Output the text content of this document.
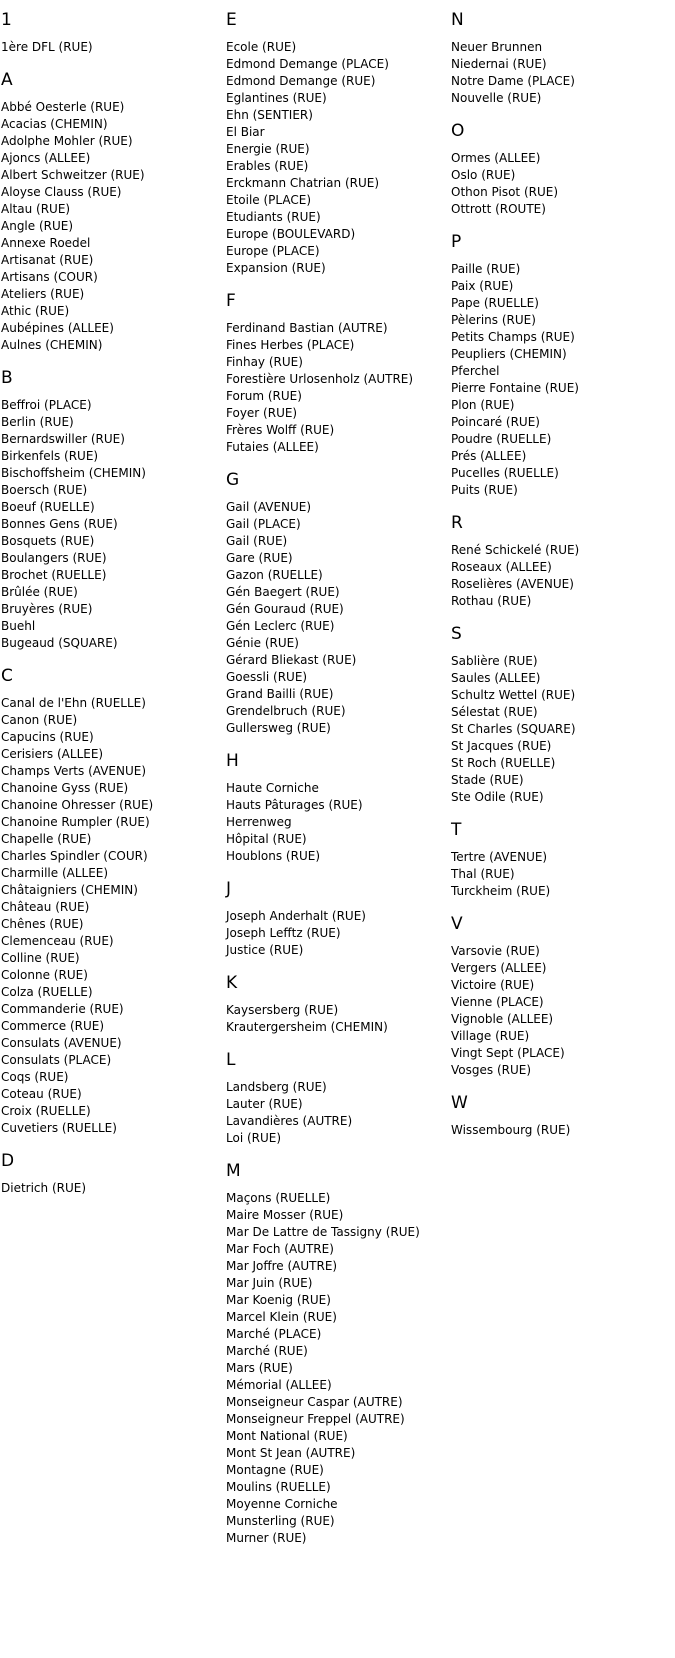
1
1ère DFL (RUE)
A
Abbé Oesterle (RUE)
Acacias (CHEMIN)
Adolphe Mohler (RUE)
Ajoncs (ALLEE)
Albert Schweitzer (RUE)
Aloyse Clauss (RUE)
Altau (RUE)
Angle (RUE)
Annexe Roedel
Artisanat (RUE)
Artisans (COUR)
Ateliers (RUE)
Athic (RUE)
Aubépines (ALLEE)
Aulnes (CHEMIN)
B
Beffroi (PLACE)
Berlin (RUE)
Bernardswiller (RUE)
Birkenfels (RUE)
Bischoffsheim (CHEMIN)
Boersch (RUE)
Boeuf (RUELLE)
Bonnes Gens (RUE)
Bosquets (RUE)
Boulangers (RUE)
Brochet (RUELLE)
Brûlée (RUE)
Bruyères (RUE)
Buehl
Bugeaud (SQUARE)
C
Canal de l'Ehn (RUELLE)
Canon (RUE)
Capucins (RUE)
Cerisiers (ALLEE)
Champs Verts (AVENUE)
Chanoine Gyss (RUE)
Chanoine Ohresser (RUE)
Chanoine Rumpler (RUE)
Chapelle (RUE)
Charles Spindler (COUR)
Charmille (ALLEE)
Châtaigniers (CHEMIN)
Château (RUE)
Chênes (RUE)
Clemenceau (RUE)
Colline (RUE)
Colonne (RUE)
Colza (RUELLE)
Commanderie (RUE)
Commerce (RUE)
Consulats (AVENUE)
Consulats (PLACE)
Coqs (RUE)
Coteau (RUE)
Croix (RUELLE)
Cuvetiers (RUELLE)
D
Dietrich (RUE)
E
Ecole (RUE)
Edmond Demange (PLACE)
Edmond Demange (RUE)
Eglantines (RUE)
Ehn (SENTIER)
El Biar
Energie (RUE)
Erables (RUE)
Erckmann Chatrian (RUE)
Etoile (PLACE)
Etudiants (RUE)
Europe (BOULEVARD)
Europe (PLACE)
Expansion (RUE)
F
Ferdinand Bastian (AUTRE)
Fines Herbes (PLACE)
Finhay (RUE)
Forestière Urlosenholz (AUTRE)
Forum (RUE)
Foyer (RUE)
Frères Wolff (RUE)
Futaies (ALLEE)
G
Gail (AVENUE)
Gail (PLACE)
Gail (RUE)
Gare (RUE)
Gazon (RUELLE)
Gén Baegert (RUE)
Gén Gouraud (RUE)
Gén Leclerc (RUE)
Génie (RUE)
Gérard Bliekast (RUE)
Goessli (RUE)
Grand Bailli (RUE)
Grendelbruch (RUE)
Gullersweg (RUE)
H
Haute Corniche
Hauts Pâturages (RUE)
Herrenweg
Hôpital (RUE)
Houblons (RUE)
J
Joseph Anderhalt (RUE)
Joseph Lefftz (RUE)
Justice (RUE)
K
Kaysersberg (RUE)
Krautergersheim (CHEMIN)
L
Landsberg (RUE)
Lauter (RUE)
Lavandières (AUTRE)
Loi (RUE)
M
Maçons (RUELLE)
Maire Mosser (RUE)
Mar De Lattre de Tassigny (RUE)
Mar Foch (AUTRE)
Mar Joffre (AUTRE)
Mar Juin (RUE)
Mar Koenig (RUE)
Marcel Klein (RUE)
Marché (PLACE)
Marché (RUE)
Mars (RUE)
Mémorial (ALLEE)
Monseigneur Caspar (AUTRE)
Monseigneur Freppel (AUTRE)
Mont National (RUE)
Mont St Jean (AUTRE)
Montagne (RUE)
Moulins (RUELLE)
Moyenne Corniche
Munsterling (RUE)
Murner (RUE)
N
Neuer Brunnen
Niedernai (RUE)
Notre Dame (PLACE)
Nouvelle (RUE)
O
Ormes (ALLEE)
Oslo (RUE)
Othon Pisot (RUE)
Ottrott (ROUTE)
P
Paille (RUE)
Paix (RUE)
Pape (RUELLE)
Pèlerins (RUE)
Petits Champs (RUE)
Peupliers (CHEMIN)
Pferchel
Pierre Fontaine (RUE)
Plon (RUE)
Poincaré (RUE)
Poudre (RUELLE)
Prés (ALLEE)
Pucelles (RUELLE)
Puits (RUE)
R
René Schickelé (RUE)
Roseaux (ALLEE)
Roselières (AVENUE)
Rothau (RUE)
S
Sablière (RUE)
Saules (ALLEE)
Schultz Wettel (RUE)
Sélestat (RUE)
St Charles (SQUARE)
St Jacques (RUE)
St Roch (RUELLE)
Stade (RUE)
Ste Odile (RUE)
T
Tertre (AVENUE)
Thal (RUE)
Turckheim (RUE)
V
Varsovie (RUE)
Vergers (ALLEE)
Victoire (RUE)
Vienne (PLACE)
Vignoble (ALLEE)
Village (RUE)
Vingt Sept (PLACE)
Vosges (RUE)
W
Wissembourg (RUE)
